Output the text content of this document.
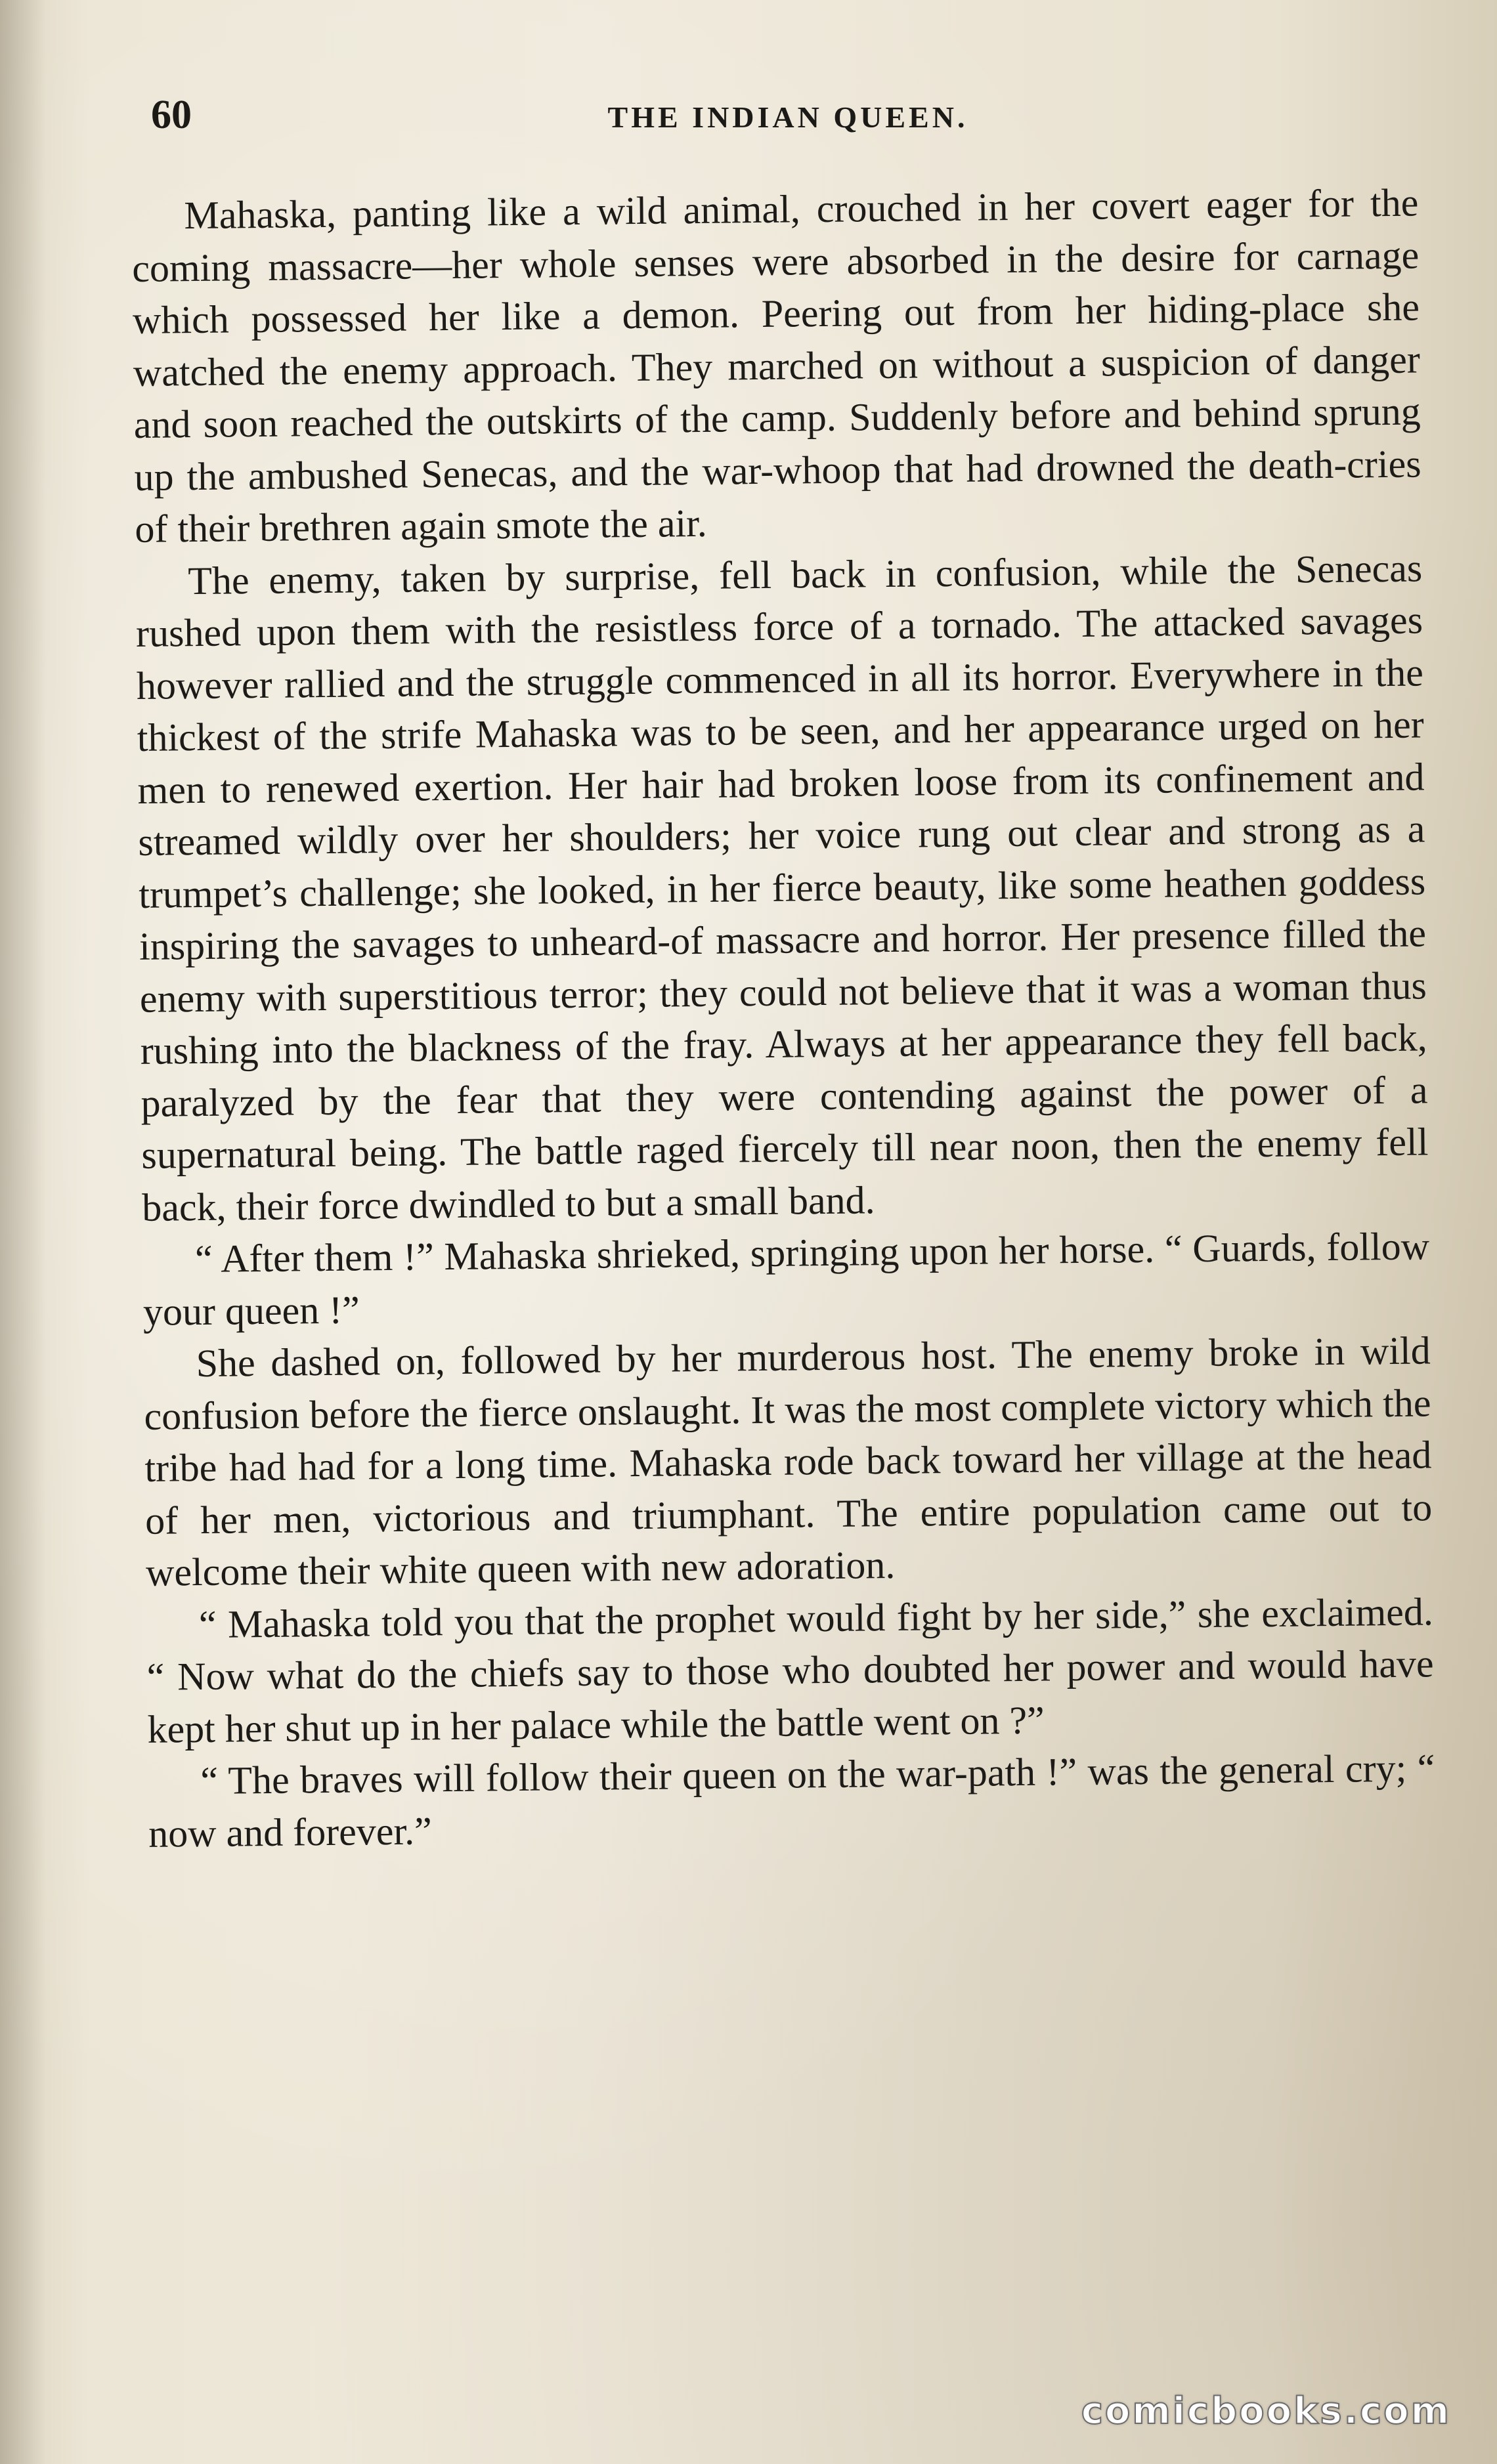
60	THE INDIAN QUEEN.

Mahaska, panting like a wild animal, crouched in her covert eager for the coming massacre—her whole senses were absorbed in the desire for carnage which possessed her like a demon. Peering out from her hiding-place she watched the enemy approach. They marched on without a suspicion of danger and soon reached the outskirts of the camp. Suddenly before and behind sprung up the ambushed Senecas, and the war-whoop that had drowned the death-cries of their brethren again smote the air.

The enemy, taken by surprise, fell back in confusion, while the Senecas rushed upon them with the resistless force of a tornado. The attacked savages however rallied and the struggle commenced in all its horror. Everywhere in the thickest of the strife Mahaska was to be seen, and her appearance urged on her men to renewed exertion. Her hair had broken loose from its confinement and streamed wildly over her shoulders; her voice rung out clear and strong as a trumpet’s challenge; she looked, in her fierce beauty, like some heathen goddess inspiring the savages to unheard-of massacre and horror. Her presence filled the enemy with superstitious terror; they could not believe that it was a woman thus rushing into the blackness of the fray. Always at her appearance they fell back, paralyzed by the fear that they were contending against the power of a supernatural being. The battle raged fiercely till near noon, then the enemy fell back, their force dwindled to but a small band.

“ After them !” Mahaska shrieked, springing upon her horse. “ Guards, follow your queen !”

She dashed on, followed by her murderous host. The enemy broke in wild confusion before the fierce onslaught. It was the most complete victory which the tribe had had for a long time. Mahaska rode back toward her village at the head of her men, victorious and triumphant. The entire population came out to welcome their white queen with new adoration.

“ Mahaska told you that the prophet would fight by her side,” she exclaimed. “ Now what do the chiefs say to those who doubted her power and would have kept her shut up in her palace while the battle went on ?”

“ The braves will follow their queen on the war-path !” was the general cry; “ now and forever.”

comicbooks.com
